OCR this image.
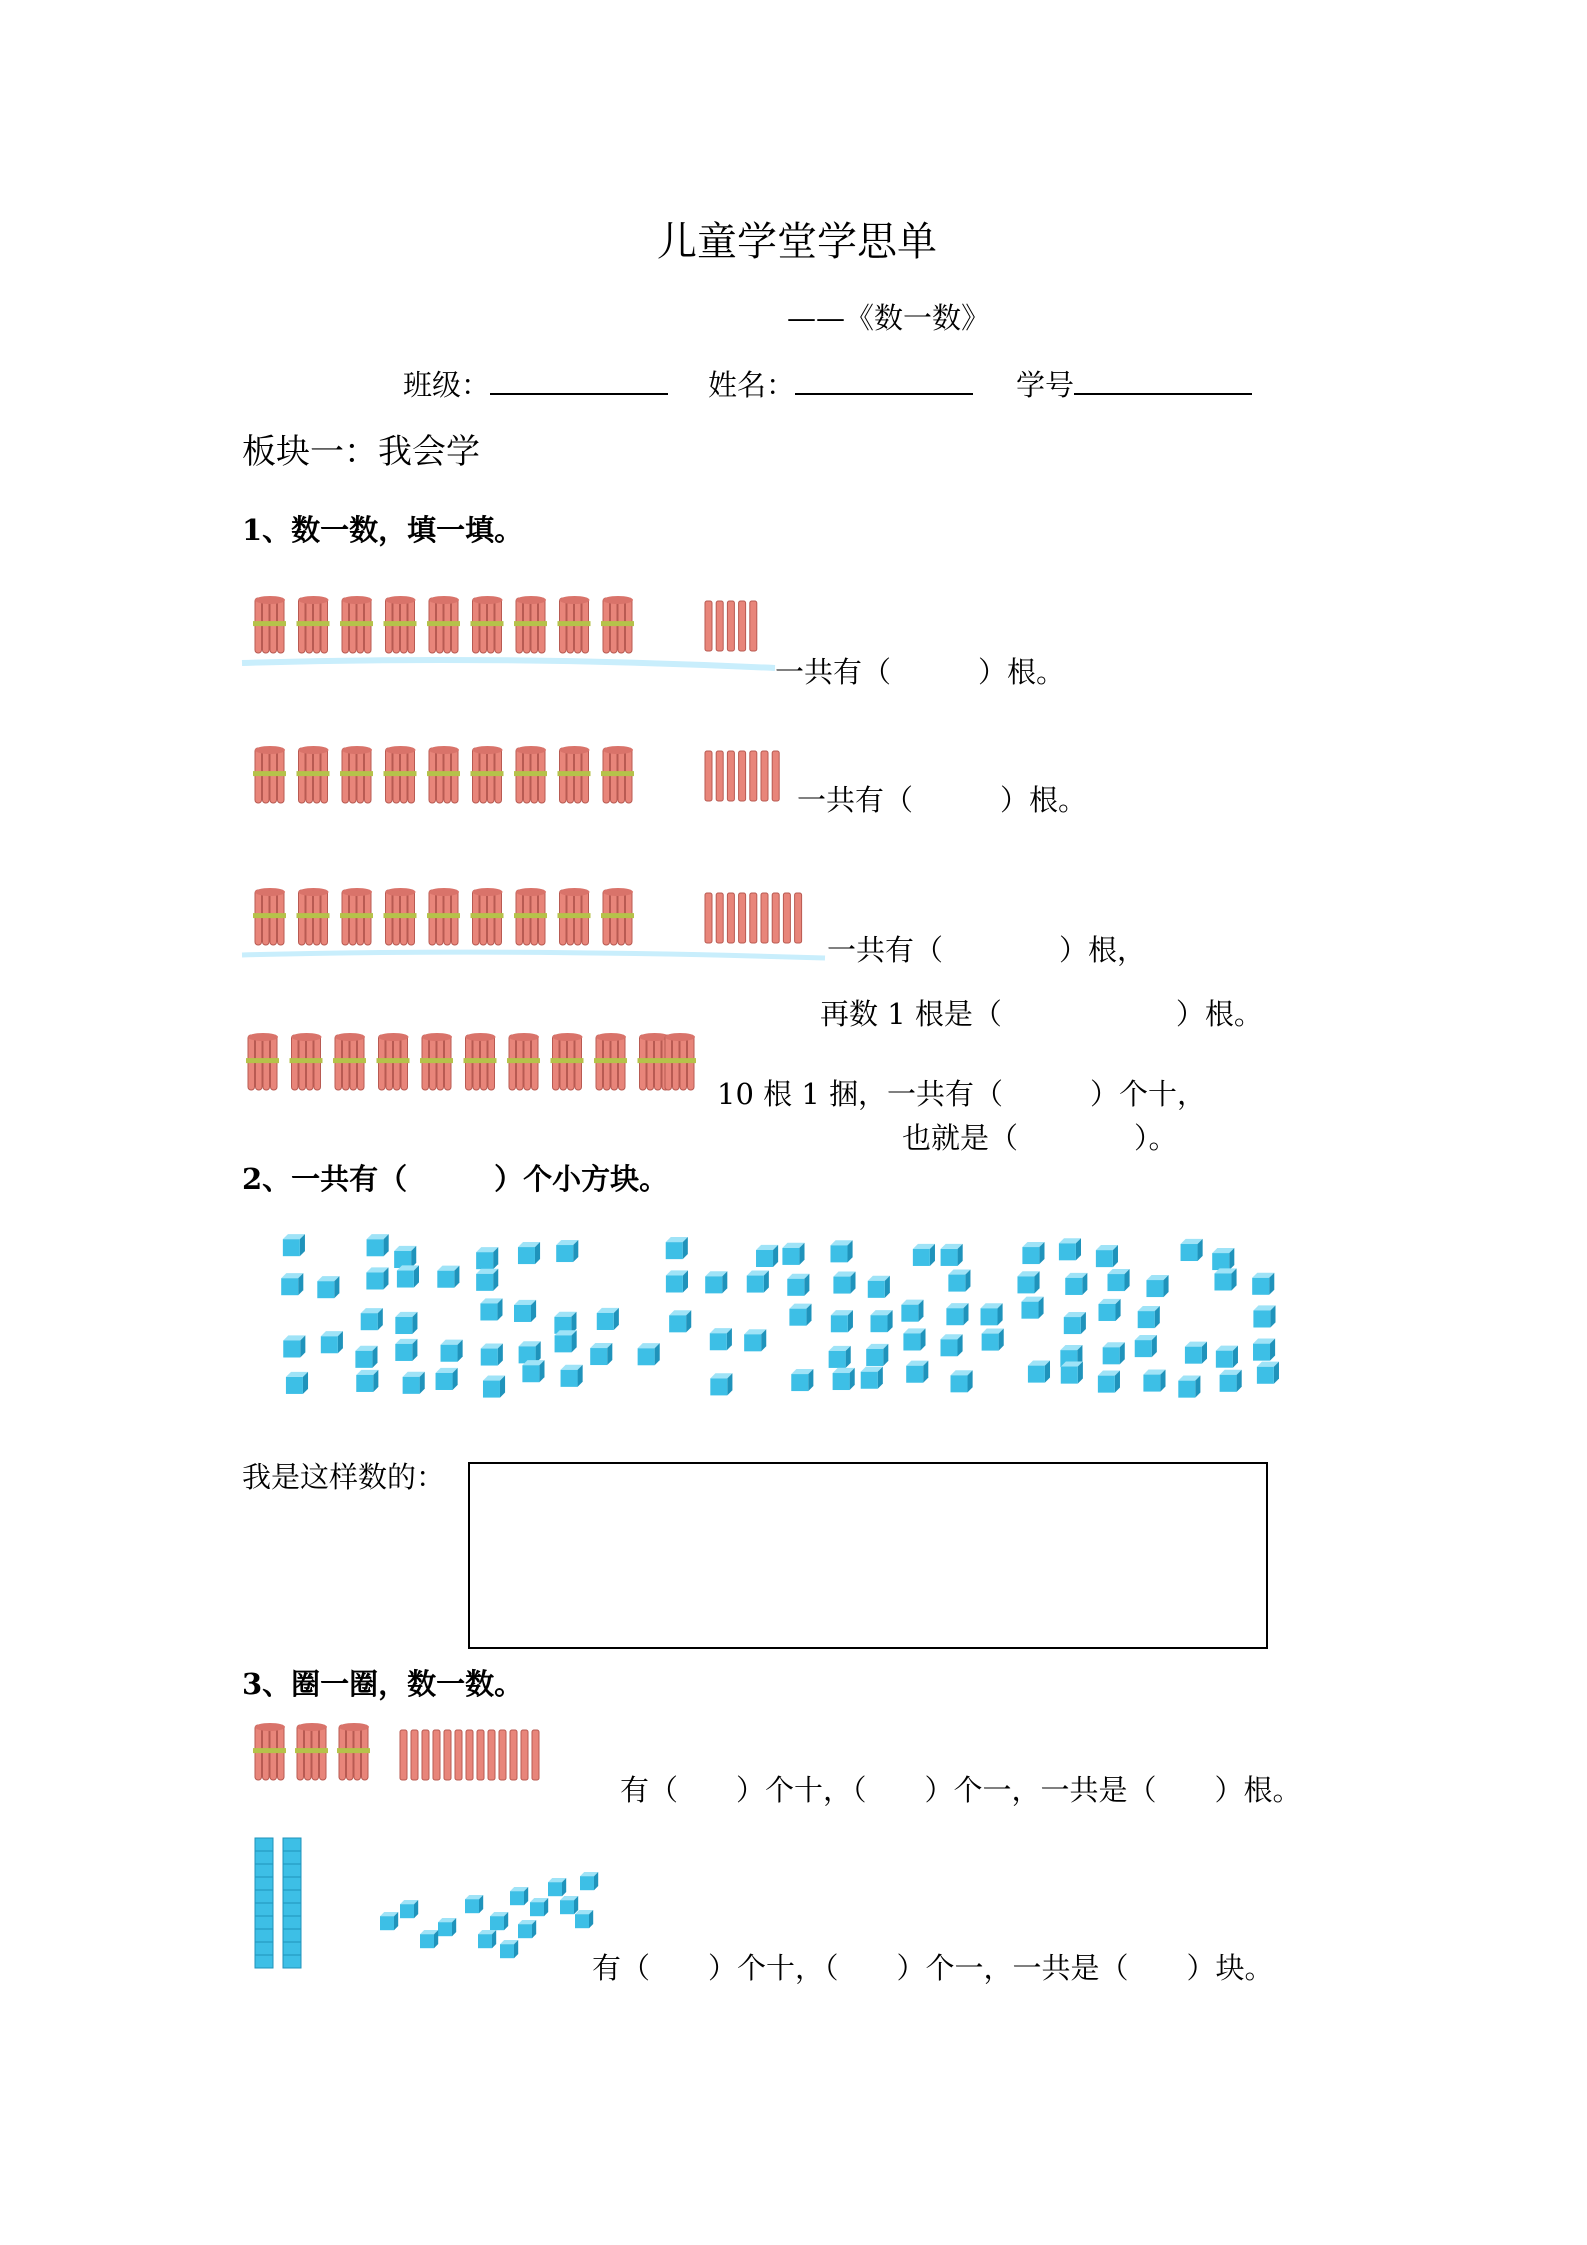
儿童学堂学思单
——《数一数》
班级：	姓名：	学号
板块一：我会学
1、数一数，填一填。
一共有（　　　）根。
一共有（　　　）根。
一共有（　　　　）根，
再数 1 根是（　　　　　　）根。
10 根 1 捆，一共有（　　　）个十，
也就是（　　　　）。
2、一共有（　　　）个小方块。
我是这样数的：
3、圈一圈，数一数。
有（　　）个十，（　　）个一，一共是（　　）根。
有（　　）个十，（　　）个一，一共是（　　）块。
